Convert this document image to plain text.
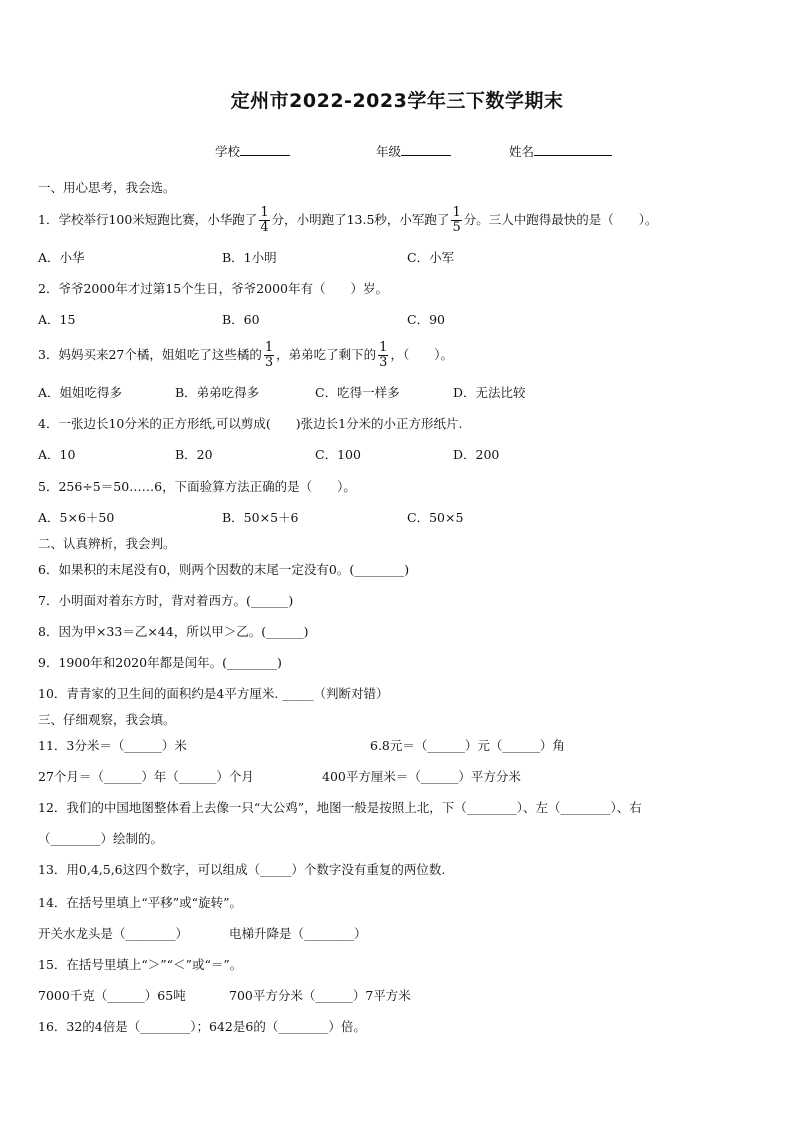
定州市2022-2023学年三下数学期末
学校	年级	姓名
一、用心思考，我会选。
1．学校举行100米短跑比赛，小华跑了 $\frac{1}{4}$ 分，小明跑了13.5秒，小军跑了 $\frac{1}{5}$ 分。三人中跑得最快的是（　　）。
A．小华	B．1小明	C．小军
2．爷爷2000年才过第15个生日，爷爷2000年有（　　）岁。
A．15	B．60	C．90
3．妈妈买来27个橘，姐姐吃了这些橘的 $\frac{1}{3}$ ，弟弟吃了剩下的 $\frac{1}{3}$ ，（　　）。
A．姐姐吃得多	B．弟弟吃得多	C．吃得一样多	D．无法比较
4．一张边长10分米的正方形纸,可以剪成(　　)张边长1分米的小正方形纸片.
A．10	B．20	C．100	D．200
5．256÷5＝50……6，下面验算方法正确的是（　　）。
A．5×6＋50	B．50×5＋6	C．50×5
二、认真辨析，我会判。
6．如果积的末尾没有0，则两个因数的末尾一定没有0。(________)
7．小明面对着东方时，背对着西方。(______)
8．因为甲×33＝乙×44，所以甲＞乙。(______)
9．1900年和2020年都是闰年。(________)
10．青青家的卫生间的面积约是4平方厘米. _____（判断对错）
三、仔细观察，我会填。
11．3分米＝（______）米	6.8元＝（______）元（______）角
27个月＝（______）年（______）个月	400平方厘米＝（______）平方分米
12．我们的中国地图整体看上去像一只“大公鸡”，地图一般是按照上北，下（________）、左（________）、右
（________）绘制的。
13．用0,4,5,6这四个数字，可以组成（_____）个数字没有重复的两位数.
14．在括号里填上“平移”或“旋转”。
开关水龙头是（________）	电梯升降是（________）
15．在括号里填上“＞”“＜”或“＝”。
7000千克（______）65吨	700平方分米（______）7平方米
16．32的4倍是（________）；642是6的（________）倍。
